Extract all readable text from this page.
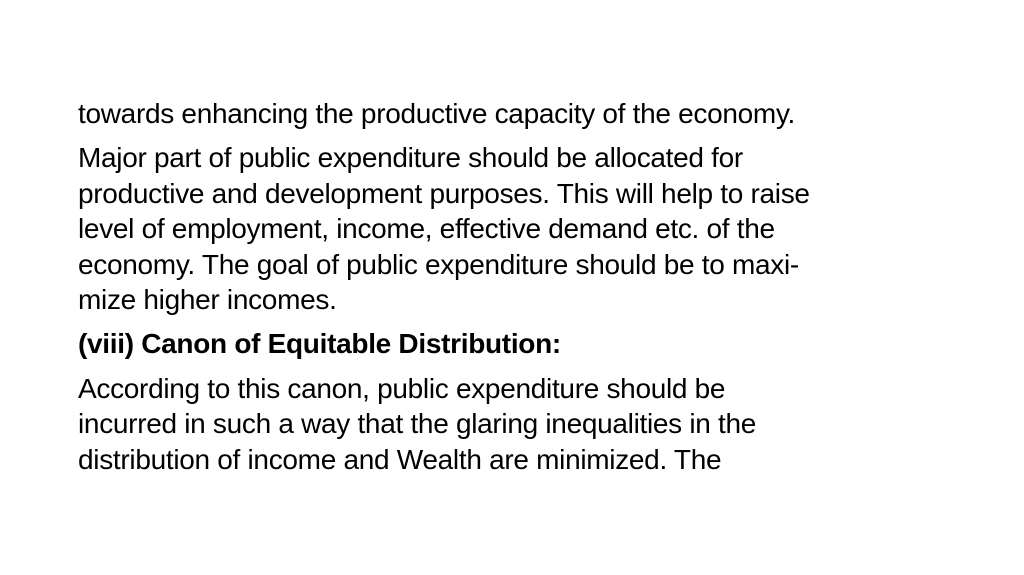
towards enhancing the productive capacity of the economy.
Major part of public expenditure should be allocated for
productive and development purposes. This will help to raise
level of employment, income, effective demand etc. of the
economy. The goal of public expenditure should be to maxi-
mize higher incomes.
(viii) Canon of Equitable Distribution:
According to this canon, public expenditure should be
incurred in such a way that the glaring inequalities in the
distribution of income and Wealth are minimized. The
